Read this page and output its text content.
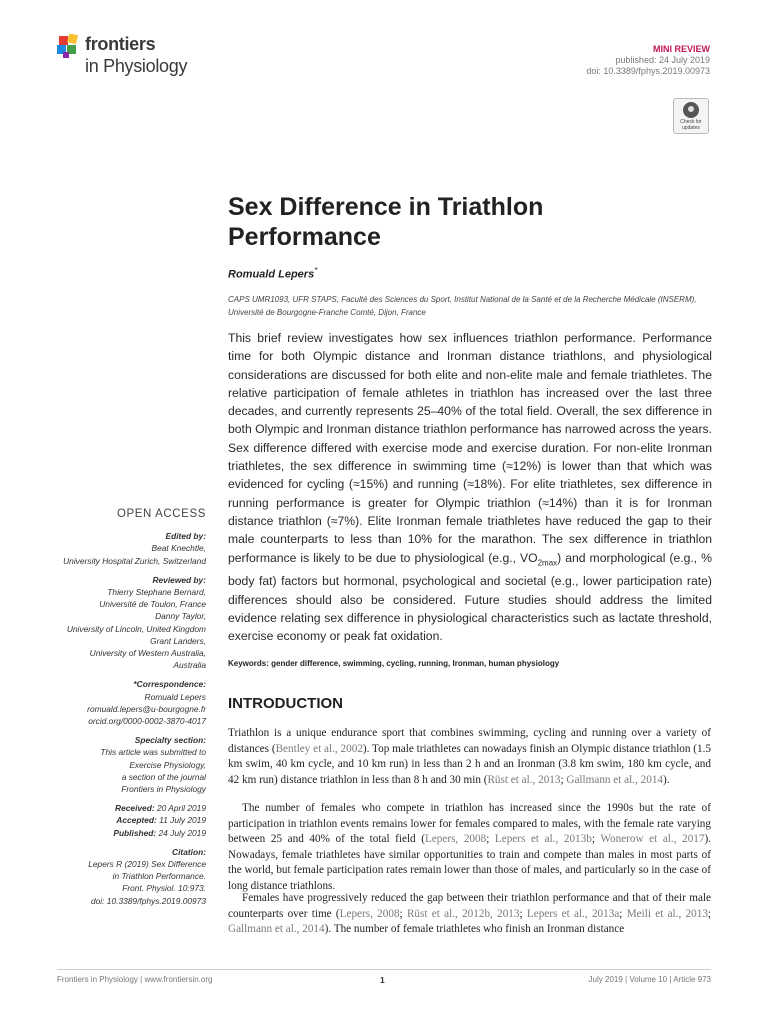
frontiers
in Physiology
MINI REVIEW
published: 24 July 2019
doi: 10.3389/fphys.2019.00973
Check for updates
Sex Difference in Triathlon Performance
Romuald Lepers*
CAPS UMR1093, UFR STAPS, Faculté des Sciences du Sport, Institut National de la Santé et de la Recherche Médicale (INSERM), Université de Bourgogne-Franche Comté, Dijon, France
This brief review investigates how sex influences triathlon performance. Performance time for both Olympic distance and Ironman distance triathlons, and physiological considerations are discussed for both elite and non-elite male and female triathletes. The relative participation of female athletes in triathlon has increased over the last three decades, and currently represents 25–40% of the total field. Overall, the sex difference in both Olympic and Ironman distance triathlon performance has narrowed across the years. Sex difference differed with exercise mode and exercise duration. For non-elite Ironman triathletes, the sex difference in swimming time (≈12%) is lower than that which was evidenced for cycling (≈15%) and running (≈18%). For elite triathletes, sex difference in running performance is greater for Olympic triathlon (≈14%) than it is for Ironman distance triathlon (≈7%). Elite Ironman female triathletes have reduced the gap to their male counterparts to less than 10% for the marathon. The sex difference in triathlon performance is likely to be due to physiological (e.g., $VO_{2max}$) and morphological (e.g., % body fat) factors but hormonal, psychological and societal (e.g., lower participation rate) differences should also be considered. Future studies should address the limited evidence relating sex difference in physiological characteristics such as lactate threshold, exercise economy or peak fat oxidation.
Keywords: gender difference, swimming, cycling, running, Ironman, human physiology
INTRODUCTION
Triathlon is a unique endurance sport that combines swimming, cycling and running over a variety of distances (Bentley et al., 2002). Top male triathletes can nowadays finish an Olympic distance triathlon (1.5 km swim, 40 km cycle, and 10 km run) in less than 2 h and an Ironman (3.8 km swim, 180 km cycle, and 42 km run) distance triathlon in less than 8 h and 30 min (Rüst et al., 2013; Gallmann et al., 2014).
The number of females who compete in triathlon has increased since the 1990s but the rate of participation in triathlon events remains lower for females compared to males, with the female rate varying between 25 and 40% of the total field (Lepers, 2008; Lepers et al., 2013b; Wonerow et al., 2017). Nowadays, female triathletes have similar opportunities to train and compete than males in most parts of the world, but female participation rates remain lower than those of males, and particularly so in the case of long distance triathlons.
Females have progressively reduced the gap between their triathlon performance and that of their male counterparts over time (Lepers, 2008; Rüst et al., 2012b, 2013; Lepers et al., 2013a; Meili et al., 2013; Gallmann et al., 2014). The number of female triathletes who finish an Ironman distance
OPEN ACCESS
Edited by:
Beat Knechtle,
University Hospital Zurich, Switzerland
Reviewed by:
Thierry Stephane Bernard,
Université de Toulon, France
Danny Taylor,
University of Lincoln, United Kingdom
Grant Landers,
University of Western Australia,
Australia
*Correspondence:
Romuald Lepers
romuald.lepers@u-bourgogne.fr
orcid.org/0000-0002-3870-4017
Specialty section:
This article was submitted to
Exercise Physiology,
a section of the journal
Frontiers in Physiology
Received: 20 April 2019
Accepted: 11 July 2019
Published: 24 July 2019
Citation:
Lepers R (2019) Sex Difference
in Triathlon Performance.
Front. Physiol. 10:973.
doi: 10.3389/fphys.2019.00973
Frontiers in Physiology | www.frontiersin.org	1	July 2019 | Volume 10 | Article 973
